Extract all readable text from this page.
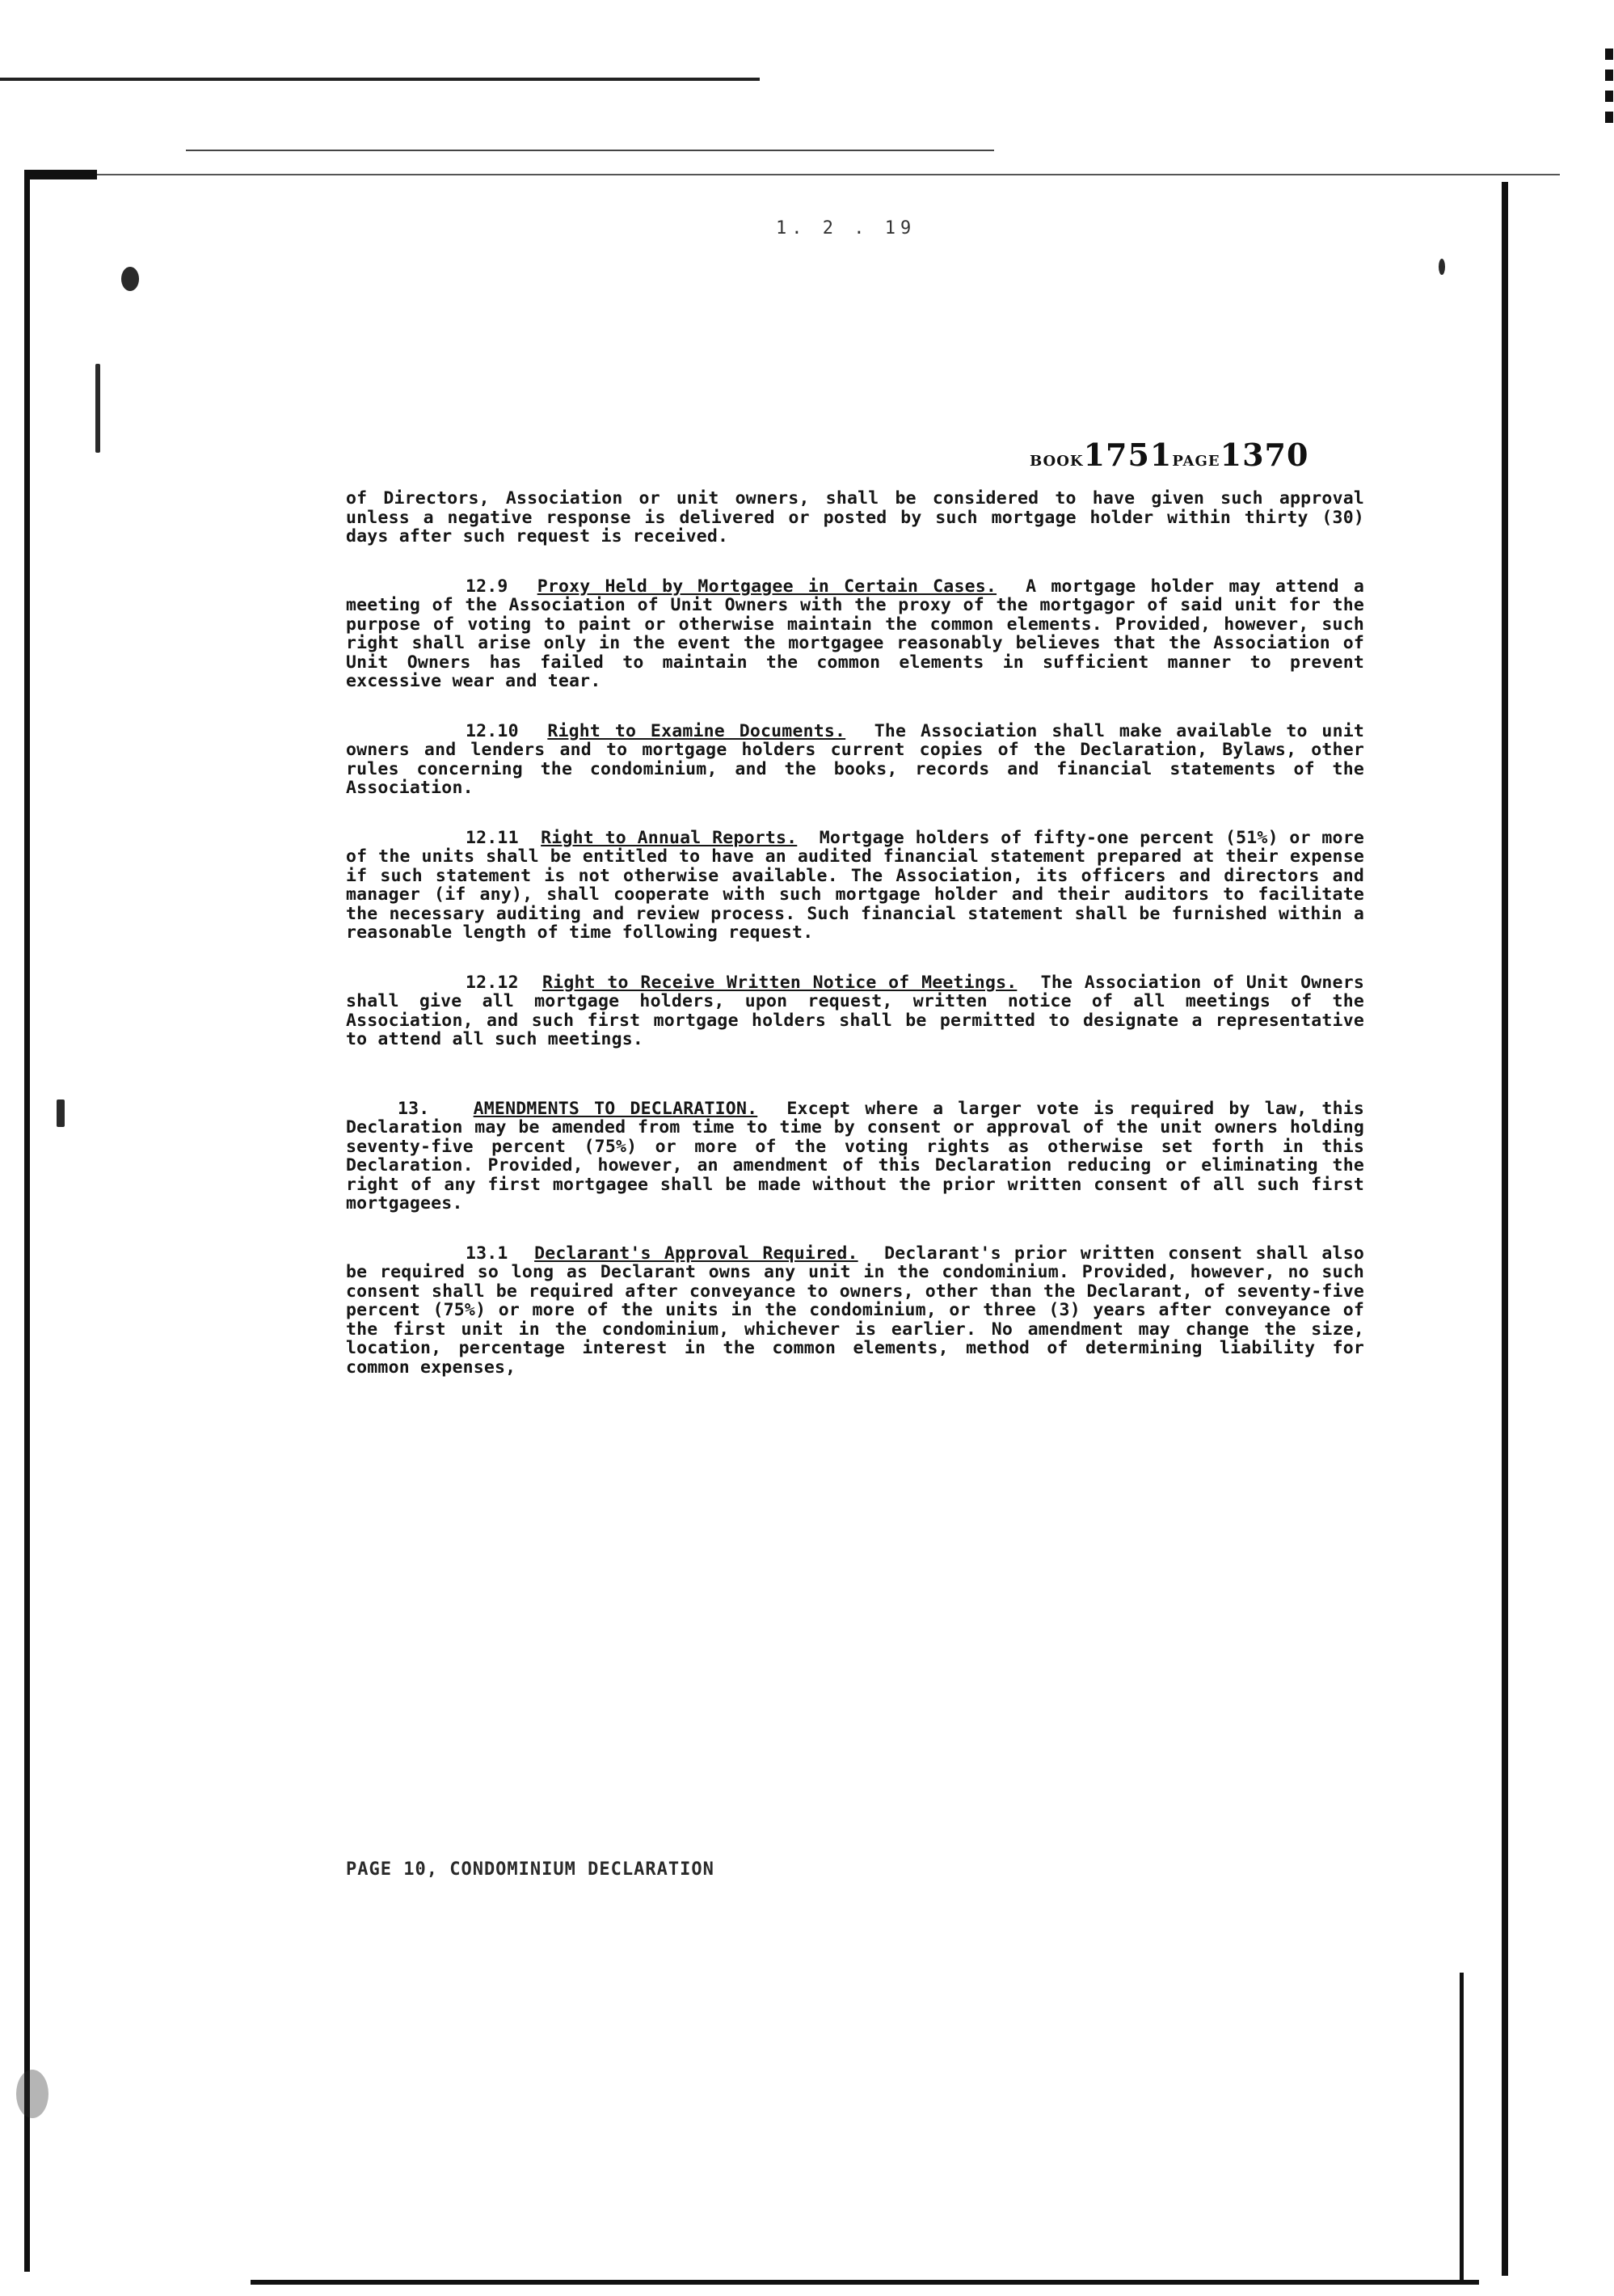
1. 2 . 19
BOOK1751PAGE1370

of Directors, Association or unit owners, shall be considered to have given such approval unless a negative response is delivered or posted by such mortgage holder within thirty (30) days after such request is received.

12.9 Proxy Held by Mortgagee in Certain Cases. A mortgage holder may attend a meeting of the Association of Unit Owners with the proxy of the mortgagor of said unit for the purpose of voting to paint or otherwise maintain the common elements. Provided, however, such right shall arise only in the event the mortgagee reasonably believes that the Association of Unit Owners has failed to maintain the common elements in sufficient manner to prevent excessive wear and tear.

12.10 Right to Examine Documents. The Association shall make available to unit owners and lenders and to mortgage holders current copies of the Declaration, Bylaws, other rules concerning the condominium, and the books, records and financial statements of the Association.

12.11 Right to Annual Reports. Mortgage holders of fifty-one percent (51%) or more of the units shall be entitled to have an audited financial statement prepared at their expense if such statement is not otherwise available. The Association, its officers and directors and manager (if any), shall cooperate with such mortgage holder and their auditors to facilitate the necessary auditing and review process. Such financial statement shall be furnished within a reasonable length of time following request.

12.12 Right to Receive Written Notice of Meetings. The Association of Unit Owners shall give all mortgage holders, upon request, written notice of all meetings of the Association, and such first mortgage holders shall be permitted to designate a representative to attend all such meetings.

13.	AMENDMENTS TO DECLARATION. Except where a larger vote is required by law, this Declaration may be amended from time to time by consent or approval of the unit owners holding seventy-five percent (75%) or more of the voting rights as otherwise set forth in this Declaration. Provided, however, an amendment of this Declaration reducing or eliminating the right of any first mortgagee shall be made without the prior written consent of all such first mortgagees.

13.1 Declarant's Approval Required. Declarant's prior written consent shall also be required so long as Declarant owns any unit in the condominium. Provided, however, no such consent shall be required after conveyance to owners, other than the Declarant, of seventy-five percent (75%) or more of the units in the condominium, or three (3) years after conveyance of the first unit in the condominium, whichever is earlier. No amendment may change the size, location, percentage interest in the common elements, method of determining liability for common expenses,

PAGE 10, CONDOMINIUM DECLARATION
